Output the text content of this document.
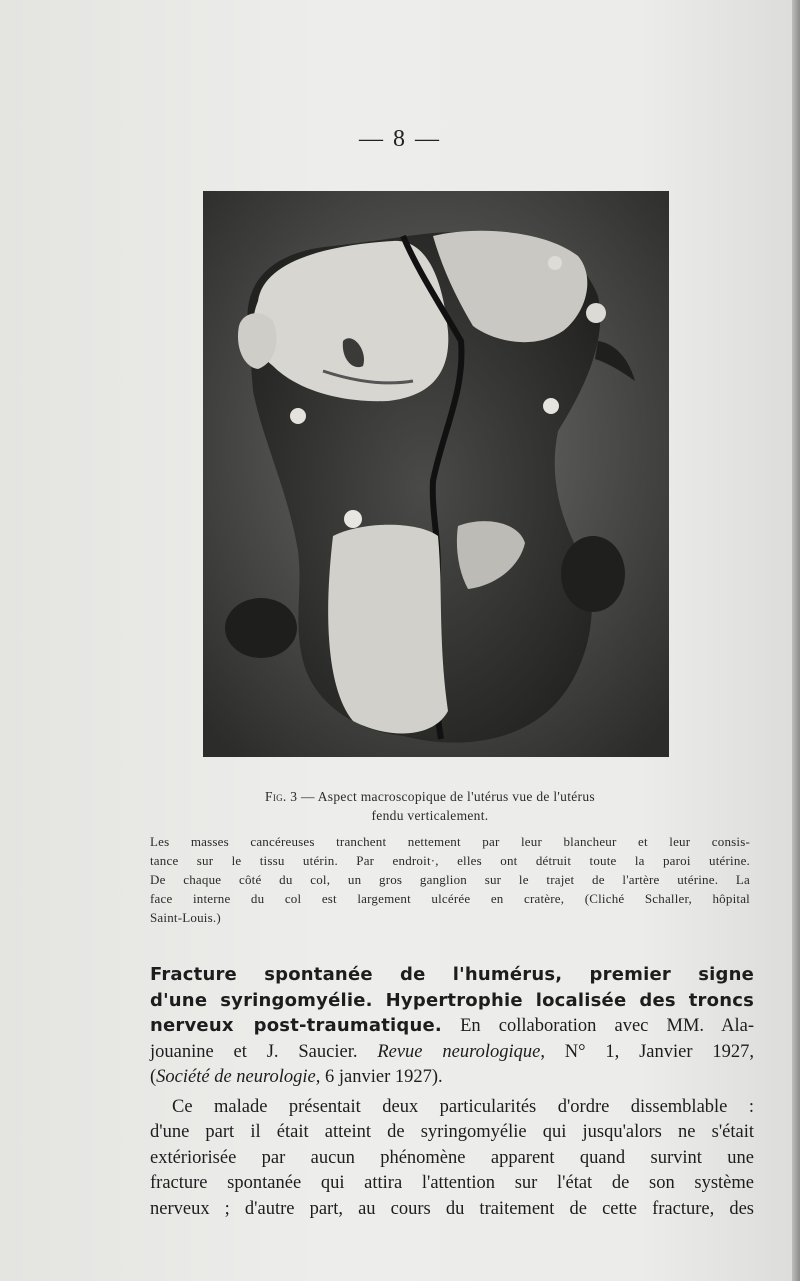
— 8 —
Fig. 3 — Aspect macroscopique de l'utérus vue de l'utérus
fendu verticalement.
Les masses cancéreuses tranchent nettement par leur blancheur et leur consis-
tance sur le tissu utérin. Par endroit·, elles ont détruit toute la paroi utérine.
De chaque côté du col, un gros ganglion sur le trajet de l'artère utérine. La
face interne du col est largement ulcérée en cratère, (Cliché Schaller, hôpital
Saint-Louis.)
Fracture spontanée de l'humérus, premier signe
d'une syringomyélie. Hypertrophie localisée des troncs
nerveux post-traumatique. En collaboration avec MM. Ala-
jouanine et J. Saucier. Revue neurologique, N° 1, Janvier 1927,
(Société de neurologie, 6 janvier 1927).
Ce malade présentait deux particularités d'ordre dissemblable :
d'une part il était atteint de syringomyélie qui jusqu'alors ne s'était
extériorisée par aucun phénomène apparent quand survint une
fracture spontanée qui attira l'attention sur l'état de son système
nerveux ; d'autre part, au cours du traitement de cette fracture, des
